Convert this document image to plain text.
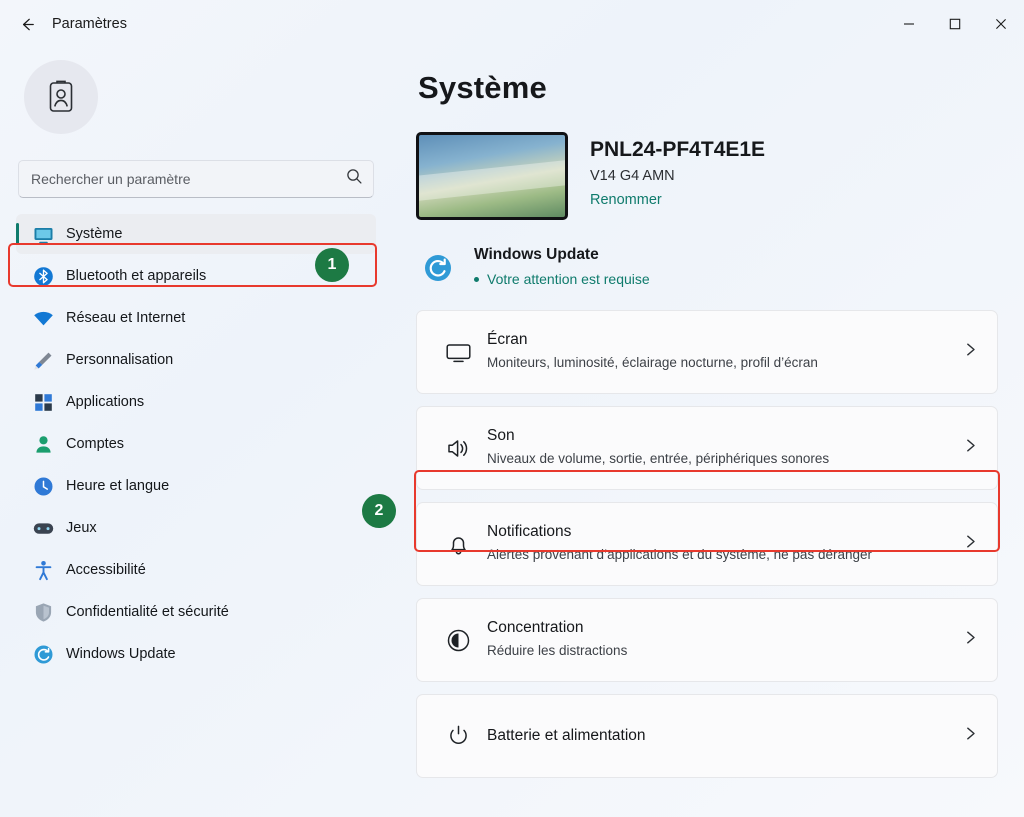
Paramètres
Rechercher un paramètre
Système
Bluetooth et appareils
Réseau et Internet
Personnalisation
Applications
Comptes
Heure et langue
Jeux
Accessibilité
Confidentialité et sécurité
Windows Update
Système
PNL24-PF4T4E1E
V14 G4 AMN
Renommer
Windows Update
Votre attention est requise
Écran
Moniteurs, luminosité, éclairage nocturne, profil d’écran
Son
Niveaux de volume, sortie, entrée, périphériques sonores
Notifications
Alertes provenant d’applications et du système, ne pas déranger
Concentration
Réduire les distractions
Batterie et alimentation
1
2
